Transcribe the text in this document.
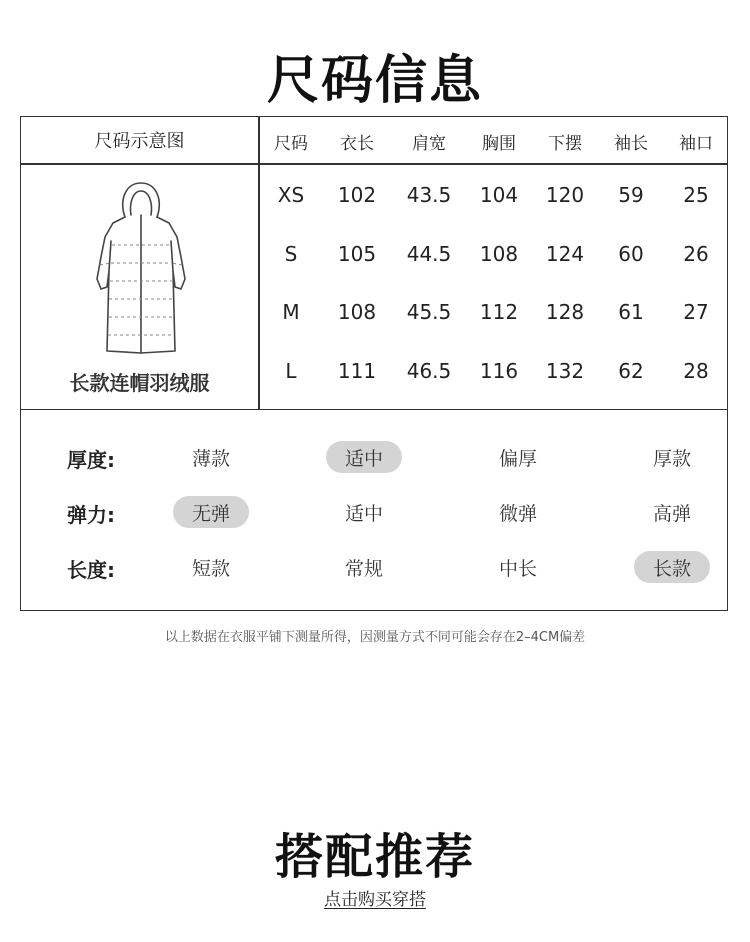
尺码信息
尺码示意图
长款连帽羽绒服
尺码	衣长	肩宽	胸围	下摆	袖长	袖口
XS	102	43.5	104	120	59	25
S	105	44.5	108	124	60	26
M	108	45.5	112	128	61	27
L	111	46.5	116	132	62	28
厚度:	薄款	适中	偏厚	厚款
弹力:	无弹	适中	微弹	高弹
长度:	短款	常规	中长	长款
以上数据在衣服平铺下测量所得，因测量方式不同可能会存在2–4CM偏差
搭配推荐
点击购买穿搭
